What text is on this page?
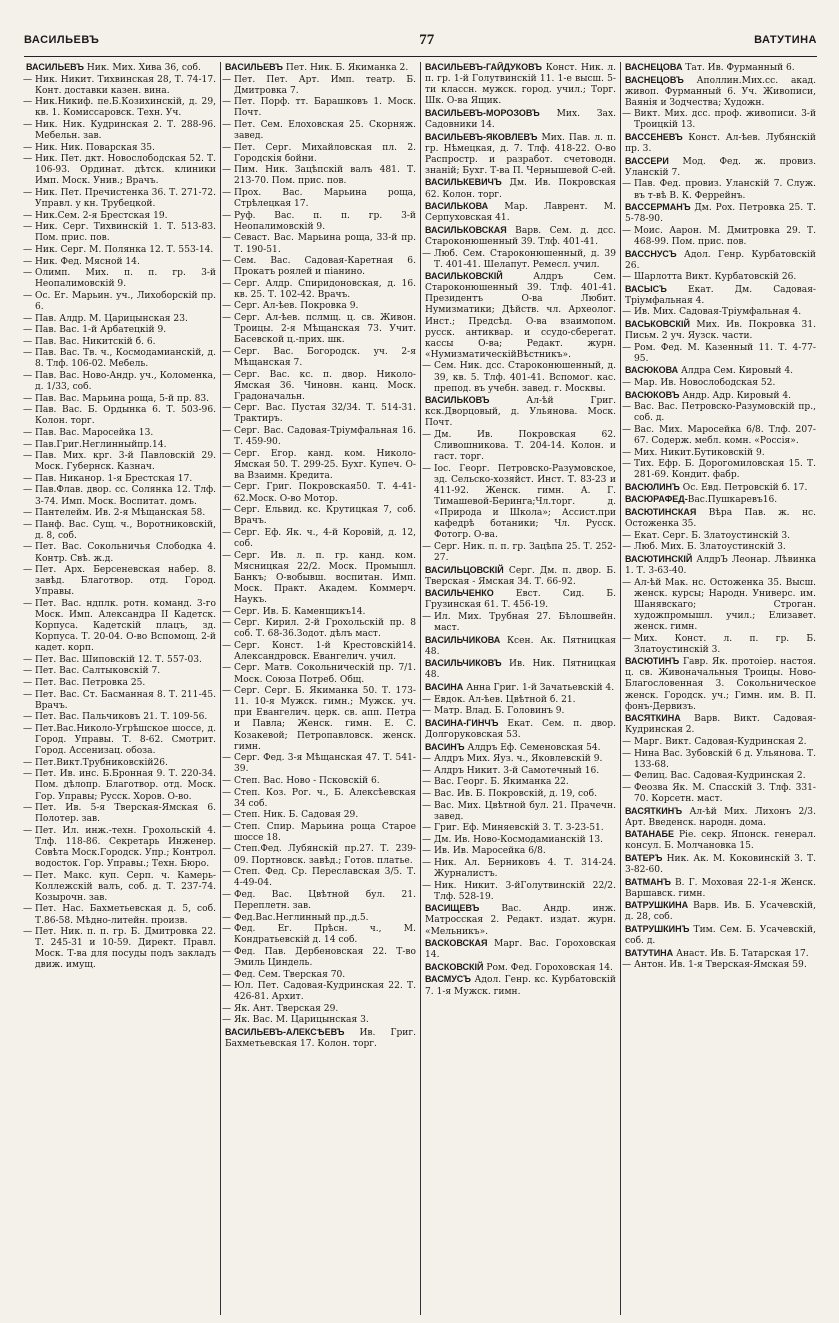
ВАСИЛЬЕВЪ	77	ВАТУТИНА

ВАСИЛЬЕВЪ Ник. Мих. Хива 36, соб.

— Ник. Никит. Тихвинская 28, Т. 74-17. Конт. доставки казен. вина.

— Ник.Никиф. пе.Б.Козихинскій, д. 29, кв. 1. Комиссаровск. Техн. Уч.

— Ник. Ник. Кудринская 2. Т. 288-96. Мебельн. зав.

— Ник. Ник. Поварская 35.

— Ник. Пет. дкт. Новослободская 52. Т. 106-93. Ординат. дѣтск. клиники Имп. Моск. Унив.; Врачъ.

— Ник. Пет. Пречистенка 36. Т. 271-72. Управл. у кн. Трубецкой.

— Ник.Сем. 2-я Брестская 19.

— Ник. Серг. Тихвинскій 1. Т. 513-83. Пом. прис. пов.

— Ник. Серг. М. Полянка 12. Т. 553-14.

— Ник. Фед. Мясной 14.

— Олимп. Мих. п. п. гр. 3-й Неопалимовскій 9.

— Ос. Ег. Марьин. уч., Лихоборскій пр. 6.

— Пав. Алдр. М. Царицынская 23.

— Пав. Вас. 1-й Арбатецкій 9.

— Пав. Вас. Никитскій б. 6.

— Пав. Вас. Тв. ч., Космодамианскій, д. 8. Тлф. 106-02. Мебель.

— Пав. Вас. Ново-Андр. уч., Коломенка, д. 1/33, соб.

— Пав. Вас. Марьина роща, 5-й пр. 83.

— Пав. Вас. Б. Ордынка 6. Т. 503-96. Колон. торг.

— Пав. Вас. Маросейка 13.

— Пав.Григ.Неглинныйпр.14.

— Пав. Мих. крг. 3-й Павловскій 29. Моск. Губернск. Казнач.

— Пав. Никанор. 1-я Брестская 17.

— Пав.Флав. двор. сс. Солянка 12. Тлф. 3-74. Имп. Моск. Воспитат. домъ.

— Пантелейм. Ив. 2-я Мѣщанская 58.

— Панф. Вас. Сущ. ч., Воротниковскій, д. 8, соб.

— Пет. Вас. Сокольничья Слободка 4. Контр. Свѣ. ж.д.

— Пет. Арх. Берсеневская набер. 8. завѣд. Благотвор. отд. Город. Управы.

— Пет. Вас. ндплк. ротн. команд. 3-го Моск. Имп. Александра II Кадетск. Корпуса. Кадетскій плацъ, зд. Корпуса. Т. 20-04. О-во Вспомощ. 2-й кадет. корп.

— Пет. Вас. Шиповскій 12. Т. 557-03.

— Пет. Вас. Салтыковскій 7.

— Пет. Вас. Петровка 25.

— Пет. Вас. Ст. Басманная 8. Т. 211-45. Врачъ.

— Пет. Вас. Пальчиковъ 21. Т. 109-56.

— Пет.Вас.Николо-Угрѣшское шоссе, д. Город. Управы. Т. 8-62. Смотрит. Город. Ассенизац. обоза.

— Пет.Викт.Трубниковскій26.

— Пет. Ив. инс. Б.Бронная 9. Т. 220-34. Пом. дѣлопр. Благотвор. отд. Моск. Гор. Управы; Русск. Хоров. О-во.

— Пет. Ив. 5-я Тверская-Ямская 6. Полотер. зав.

— Пет. Ил. инж.-техн. Грохольскій 4. Тлф. 118-86. Секретарь Инженер. Совѣта Моск.Городск. Упр.; Контрол. водосток. Гор. Управы.; Техн. Бюро.

— Пет. Макс. куп. Серп. ч. Камерь-Коллежскій валъ, соб. д. Т. 237-74. Козырочн. зав.

— Пет. Нас. Бахметьевская д. 5, соб. Т.86-58. Мѣдно-литейн. произв.

— Пет. Ник. п. п. гр. Б. Дмитровка 22. Т. 245-31 и 10-59. Директ. Правл. Моск. Т-ва для посуды подъ закладъ движ. имущ.

ВАСИЛЬЕВЪ Пет. Ник. Б. Якиманка 2.

— Пет. Пет. Арт. Имп. театр. Б. Дмитровка 7.

— Пет. Порф. тт. Барашковъ 1. Моск. Почт.

— Пет. Сем. Елоховская 25. Скорняж. завед.

— Пет. Серг. Михайловская пл. 2. Городскія бойни.

— Пим. Ник. Зацѣпскій валъ 481. Т. 213-70. Пом. прис. пов.

— Прох. Вас. Марьина роща, Стрѣлецкая 17.

— Руф. Вас. п. п. гр. 3-й Неопалимовскій 9.

— Севаст. Вас. Марьина роща, 33-й пр. Т. 190-51.

— Сем. Вас. Садовая-Каретная 6. Прокатъ роялей и піанино.

— Серг. Алдр. Спиридоновская, д. 16. кв. 25. Т. 102-42. Врачъ.

— Серг. Ал-ѣев. Покровка 9.

— Серг. Ал-ѣев. пслмщ. ц. св. Живон. Троицы. 2-я Мѣщанская 73. Учит. Басевской ц.-прих. шк.

— Серг. Вас. Богородск. уч. 2-я Мѣщанская 7.

— Серг. Вас. кс. п. двор. Николо-Ямская 36. Чиновн. канц. Моск. Градоначальн.

— Серг. Вас. Пустая 32/34. Т. 514-31. Трактиръ.

— Серг. Вас. Садовая-Тріумфальная 16. Т. 459-90.

— Серг. Егор. канд. ком. Николо-Ямская 50. Т. 299-25. Бухг. Купеч. О-ва Взаимн. Кредита.

— Серг. Григ. Покровская50. Т. 4-41-62.Моск. О-во Мотор.

— Серг. Ельвид. кс. Крутицкая 7, соб. Врачъ.

— Серг. Еф. Як. ч., 4-й Коровій, д. 12, соб.

— Серг. Ив. л. п. гр. канд. ком. Мясницкая 22/2. Моск. Промышл. Банкъ; О-вобывш. воспитан. Имп. Моск. Практ. Академ. Коммерч. Наукъ.

— Серг. Ив. Б. Каменщикъ14.

— Серг. Кирил. 2-й Грохольскій пр. 8 соб. Т. 68-36.Зодот. дѣлъ маст.

— Серг. Конст. 1-й Крестовскій14. Александровск. Евангелич. учил.

— Серг. Матв. Сокольническій пр. 7/1. Моск. Союза Потреб. Общ.

— Серг. Серг. Б. Якиманка 50. Т. 173-11. 10-я Мужск. гимн.; Мужск. уч. при Евангелич. церк. св. апп. Петра и Павла; Женск. гимн. Е. С. Козакевой; Петропавловск. женск. гимн.

— Серг. Фед. 3-я Мѣщанская 47. Т. 541-39.

— Степ. Вас. Ново - Псковскій 6.

— Степ. Коз. Рог. ч., Б. Алексѣевская 34 соб.

— Степ. Ник. Б. Садовая 29.

— Степ. Спир. Марьина роща Старое шоссе 18.

— Степ.Фед. Лубянскій пр.27. Т. 239-09. Портновск. завѣд.; Готов. платье.

— Степ. Фед. Ср. Переславская 3/5. Т. 4-49-04.

— Фед. Вас. Цвѣтной бул. 21. Переплетн. зав.

— Фед.Вас.Неглинный пр.,д.5.

— Фед. Ег. Прѣсн. ч., М. Кондратьевскій д. 14 соб.

— Фед. Пав. Дербеновская 22. Т-во Эмиль Циндель.

— Фед. Сем. Тверская 70.

— Юл. Пет. Садовая-Кудринская 22. Т. 426-81. Архит.

— Як. Ант. Тверская 29.

— Як. Вас. М. Царицынская 3.

ВАСИЛЬЕВЪ-АЛЕКСѢЕВЪ Ив. Григ. Бахметьевская 17. Колон. торг.

ВАСИЛЬЕВЪ-ГАЙДУКОВЪ Конст. Ник. л. п. гр. 1-й Голутвинскій 11. 1-е высш. 5-ти классн. мужск. город. учил.; Торг. Шк. О-ва Ящик.

ВАСИЛЬЕВЪ-МОРОЗОВЪ Мих. Зах. Садовники 14.

ВАСИЛЬЕВЪ-ЯКОВЛЕВЪ Мих. Пав. л. п. гр. Нѣмецкая, д. 7. Тлф. 418-22. О-во Распростр. и разработ. счетоводн. знаній; Бухг. Т-ва П. Чернышевой С-ей.

ВАСИЛЬКЕВИЧЪ Дм. Ив. Покровская 62. Колон. торг.

ВАСИЛЬКОВА Мар. Лаврент. М. Серпуховская 41.

ВАСИЛЬКОВСКАЯ Варв. Сем. д. дсс. Староконюшенный 39. Тлф. 401-41.

— Люб. Сем. Староконюшенный, д. 39 Т. 401-41. Шелапут. Ремесл. учил.

ВАСИЛЬКОВСКІЙ Алдръ Сем. Староконюшенный 39. Тлф. 401-41. Президентъ О-ва Любит. Нумизматики; Дѣйств. чл. Археолог. Инст.; Предсѣд. О-ва взаимопом. русск. антиквар. и ссудо-сберегат. кассы О-ва; Редакт. журн. «НумизматическійВѣстникъ».

— Сем. Ник. дсс. Староконюшенный, д. 39, кв. 5. Тлф. 401-41. Вспомог. кас. препод. въ учебн. завед. г. Москвы.

ВАСИЛЬКОВЪ Ал-ѣй Григ. кск.Дворцовый, д. Ульянова. Моск. Почт.

— Дм. Ив. Покровская 62. Сливошникова. Т. 204-14. Колон. и гаст. торг.

— Іос. Георг. Петровско-Разумовское, зд. Сельско-хозяйст. Инст. Т. 83-23 и 411-92. Женск. гимн. А. Г. Тимашевой-Беринга;Чл.торг. д. «Природа и Школа»; Ассист.при кафедрѣ ботаники; Чл. Русск. Фотогр. О-ва.

— Серг. Ник. п. п. гр. Зацѣпа 25. Т. 252-27.

ВАСИЛЬЦОВСКІЙ Серг. Дм. п. двор. Б. Тверская - Ямская 34. Т. 66-92.

ВАСИЛЬЧЕНКО Евст. Сид. Б. Грузинская 61. Т. 456-19.

— Ил. Мих. Трубная 27. Бѣлошвейн. маст.

ВАСИЛЬЧИКОВА Ксен. Ак. Пятницкая 48.

ВАСИЛЬЧИКОВЪ Ив. Ник. Пятницкая 48.

ВАСИНА Анна Григ. 1-й Зачатьевскій 4.

— Евдок. Ал-ѣев. Цвѣтной б. 21.

— Матр. Влад. Б. Головинъ 9.

ВАСИНА-ГИНЧЪ Екат. Сем. п. двор. Долгоруковская 53.

ВАСИНЪ Алдръ Еф. Семеновская 54.

— Алдръ Мих. Яуз. ч., Яковлевскій 9.

— Алдръ Никит. 3-й Самотечный 16.

— Вас. Георг. Б. Якиманка 22.

— Вас. Ив. Б. Покровскій, д. 19, соб.

— Вас. Мих. Цвѣтной бул. 21. Прачечн. завед.

— Григ. Еф. Миняевскій 3. Т. 3-23-51.

— Дм. Ив. Ново-Космодамианскій 13.

— Ив. Ив. Маросейка 6/8.

— Ник. Ал. Берниковъ 4. Т. 314-24. Журналистъ.

— Ник. Никит. 3-йГолутвинскій 22/2. Тлф. 528-19.

ВАСИЩЕВЪ Вас. Андр. инж. Матросская 2. Редакт. издат. журн. «Мельникъ».

ВАСКОВСКАЯ Марг. Вас. Гороховская 14.

ВАСКОВСКІЙ Ром. Фед. Гороховская 14.

ВАСМУСЪ Адол. Генр. кс. Курбатовскій 7. 1-я Мужск. гимн.

ВАСНЕЦОВА Тат. Ив. Фурманный 6.

ВАСНЕЦОВЪ Аполлин.Мих.сс. акад. живоп. Фурманный 6. Уч. Живописи, Ваянія и Зодчества; Художн.

— Викт. Мих. дсс. проф. живописи. 3-й Троицкій 13.

ВАССЕНЕВЪ Конст. Ал-ѣев. Лубянскій пр. 3.

ВАССЕРИ Мод. Фед. ж. провиз. Уланскій 7.

— Пав. Фед. провиз. Уланскій 7. Служ. въ т-вѣ В. К. Феррейнъ.

ВАССЕРМАНЪ Дм. Рох. Петровка 25. Т. 5-78-90.

— Моис. Аарон. М. Дмитровка 29. Т. 468-99. Пом. прис. пов.

ВАССНУСЪ Адол. Генр. Курбатовскій 26.

— Шарлотта Викт. Курбатовскій 26.

ВАСЫСЪ Екат. Дм. Садовая-Тріумфальная 4.

— Ив. Мих. Садовая-Тріумфальная 4.

ВАСЬКОВСКІЙ Мих. Ив. Покровка 31. Письм. 2 уч. Яузск. части.

— Ром. Фед. М. Казенный 11. Т. 4-77-95.

ВАСЮКОВА Алдра Сем. Кировый 4.

— Мар. Ив. Новослободская 52.

ВАСЮКОВЪ Андр. Адр. Кировый 4.

— Вас. Вас. Петровско-Разумовскій пр., соб. д.

— Вас. Мих. Маросейка 6/8. Тлф. 207-67. Содерж. мебл. комн. «Россія».

— Мих. Никит.Бутиковскій 9.

— Тих. Ефр. Б. Дорогомиловская 15. Т. 281-69. Кондит. фабр.

ВАСЮЛИНЪ Ос. Евд. Петровскій б. 17.

ВАСЮРАФЕД-Вас.Пушкаревъ16.

ВАСЮТИНСКАЯ Вѣра Пав. ж. нс. Остоженка 35.

— Екат. Серг. Б. Златоустинскій 3.

— Люб. Мих. Б. Златоустинскій 3.

ВАСЮТИНСКІЙ АлдрЪ Леонар. Лѣвинка 1. Т. 3-63-40.

— Ал-ѣй Мак. нс. Остоженка 35. Высш. женск. курсы; Народн. Универс. им. Шанявскаго; Строган. художпромышл. учил.; Елизавет. женск. гимн.

— Мих. Конст. л. п. гр. Б. Златоустинскій 3.

ВАСЮТИНЪ Гавр. Як. протоіер. настоя. ц. св. Живоначальныя Троицы. Ново-Благословенная 3. Сокольническое женск. Городск. уч.; Гимн. им. В. П. фонъ-Дервизъ.

ВАСЯТКИНА Варв. Викт. Садовая-Кудринская 2.

— Марг. Викт. Садовая-Кудринская 2.

— Нина Вас. Зубовскій 6 д. Ульянова. Т. 133-68.

— Фелиц. Вас. Садовая-Кудринская 2.

— Феозва Як. М. Спасскій 3. Тлф. 331-70. Корсетн. маст.

ВАСЯТКИНЪ Ал-ѣй Мих. Лихонъ 2/3. Арт. Введенск. народн. дома.

ВАТАНАБЕ Ріе. секр. Японск. генерал. консул. Б. Молчановка 15.

ВАТЕРЪ Ник. Ак. М. Коковинскій 3. Т. 3-82-60.

ВАТМАНЪ В. Г. Моховая 22-1-я Женск. Варшавск. гимн.

ВАТРУШКИНА Варв. Ив. Б. Усачевскій, д. 28, соб.

ВАТРУШКИНЪ Тим. Сем. Б. Усачевскій, соб. д.

ВАТУТИНА Анаст. Ив. Б. Татарская 17.

— Антон. Ив. 1-я Тверская-Ямская 59.
